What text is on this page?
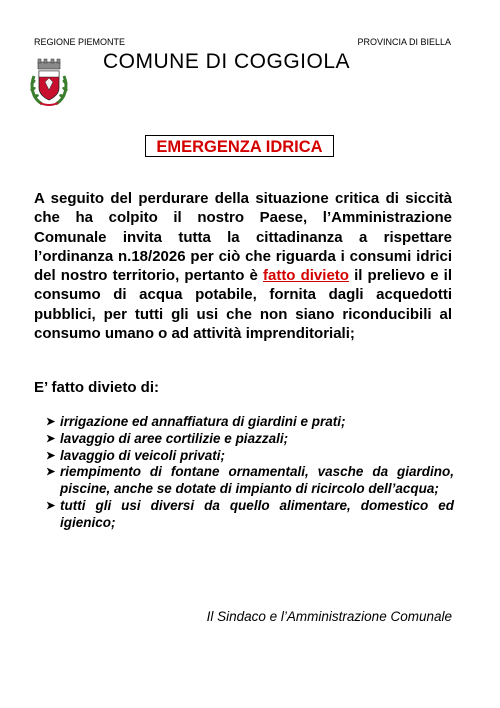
REGIONE PIEMONTE	PROVINCIA DI BIELLA
COMUNE DI COGGIOLA
EMERGENZA IDRICA

A seguito del perdurare della situazione critica di siccità che ha colpito il nostro Paese, l’Amministrazione Comunale invita tutta la cittadinanza a rispettare l’ordinanza n.18/2026 per ciò che riguarda i consumi idrici del nostro territorio, pertanto è fatto divieto il prelievo e il consumo di acqua potabile, fornita dagli acquedotti pubblici, per tutti gli usi che non siano riconducibili al consumo umano o ad attività imprenditoriali;

E’ fatto divieto di:

➤ irrigazione ed annaffiatura di giardini e prati;
➤ lavaggio di aree cortilizie e piazzali;
➤ lavaggio di veicoli privati;
➤ riempimento di fontane ornamentali, vasche da giardino, piscine, anche se dotate di impianto di ricircolo dell’acqua;
➤ tutti gli usi diversi da quello alimentare, domestico ed igienico;
Il Sindaco e l’Amministrazione Comunale
